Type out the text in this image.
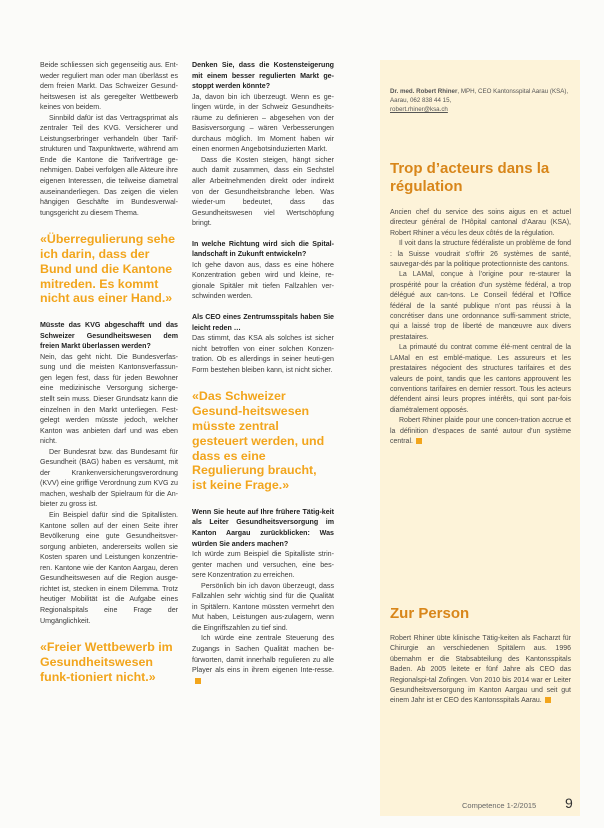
Beide schliessen sich gegenseitig aus. Ent-weder reguliert man oder man überlässt es dem freien Markt. Das Schweizer Gesund-heitswesen ist als geregelter Wettbewerb keines von beidem.

Sinnbild dafür ist das Vertragsprimat als zentraler Teil des KVG. Versicherer und Leistungserbringer verhandeln über Tarif-strukturen und Taxpunktwerte, während am Ende die Kantone die Tarifverträge ge-nehmigen. Dabei verfolgen alle Akteure ihre eigenen Interessen, die teilweise diametral auseinanderliegen. Das zeigen die vielen hängigen Geschäfte im Bundesverwal-tungsgericht zu diesem Thema.

«Überregulierung sehe ich darin, dass der Bund und die Kantone mitreden. Es kommt nicht aus einer Hand.»

Müsste das KVG abgeschafft und das Schweizer Gesundheitswesen dem freien Markt überlassen werden?

Nein, das geht nicht. Die Bundesverfas-sung und die meisten Kantonsverfassun-gen legen fest, dass für jeden Bewohner eine medizinische Versorgung sicherge-stellt sein muss. Dieser Grundsatz kann die einzelnen in den Markt unterliegen. Fest-gelegt werden müsste jedoch, welcher Kanton was anbieten darf und was eben nicht.

Der Bundesrat bzw. das Bundesamt für Gesundheit (BAG) haben es versäumt, mit der Krankenversicherungsverordnung (KVV) eine griffige Verordnung zum KVG zu machen, weshalb der Spielraum für die An-bieter zu gross ist.

Ein Beispiel dafür sind die Spitallisten. Kantone sollen auf der einen Seite ihrer Bevölkerung eine gute Gesundheitsver-sorgung anbieten, andererseits wollen sie Kosten sparen und Leistungen konzentrie-ren. Kantone wie der Kanton Aargau, deren Gesundheitswesen auf die Region ausge-richtet ist, stecken in einem Dilemma. Trotz heutiger Mobilität ist die Aufgabe eines Regionalspitals eine Frage der Umgänglichkeit.

«Freier Wettbewerb im Gesundheitswesen funk-tioniert nicht.»

Denken Sie, dass die Kostensteigerung mit einem besser regulierten Markt ge-stoppt werden könnte?

Ja, davon bin ich überzeugt. Wenn es ge-lingen würde, in der Schweiz Gesundheits-räume zu definieren – abgesehen von der Basisversorgung – wären Verbesserungen durchaus möglich. Im Moment haben wir einen enormen Angebotsinduzierten Markt.

Dass die Kosten steigen, hängt sicher auch damit zusammen, dass ein Sechstel aller Arbeitnehmenden direkt oder indirekt von der Gesundheitsbranche leben. Was wieder-um bedeutet, dass das Gesundheitswesen viel Wertschöpfung bringt.

In welche Richtung wird sich die Spital-landschaft in Zukunft entwickeln?

Ich gehe davon aus, dass es eine höhere Konzentration geben wird und kleine, re-gionale Spitäler mit tiefen Fallzahlen ver-schwinden werden.

Als CEO eines Zentrumsspitals haben Sie leicht reden …

Das stimmt, das KSA als solches ist sicher nicht betroffen von einer solchen Konzen-tration. Ob es allerdings in seiner heuti-gen Form bestehen bleiben kann, ist nicht sicher.

«Das Schweizer Gesund-heitswesen müsste zentral gesteuert werden, und dass es eine Regulierung braucht, ist keine Frage.»

Wenn Sie heute auf Ihre frühere Tätig-keit als Leiter Gesundheitsversorgung im Kanton Aargau zurückblicken: Was würden Sie anders machen?

Ich würde zum Beispiel die Spitalliste strin-genter machen und versuchen, eine bes-sere Konzentration zu erreichen.

Persönlich bin ich davon überzeugt, dass Fallzahlen sehr wichtig sind für die Qualität in Spitälern. Kantone müssten vermehrt den Mut haben, Leistungen aus-zulagern, wenn die Eingriffszahlen zu tief sind.

Ich würde eine zentrale Steuerung des Zugangs in Sachen Qualität machen be-fürworten, damit innerhalb regulieren zu alle Player als eins in ihrem eigenen Inte-resse.

Dr. med. Robert Rhiner, MPH, CEO Kantonsspital Aarau (KSA), Aarau, 062 838 44 15,
robert.rhiner@ksa.ch
Trop d’acteurs dans la régulation

Ancien chef du service des soins aigus en et actuel directeur général de l’Hôpital cantonal d’Aarau (KSA), Robert Rhiner a vécu les deux côtés de la régulation.

Il voit dans la structure fédéraliste un problème de fond : la Suisse voudrait s’offrir 26 systèmes de santé, sauvegar-dés par la politique protectionniste des cantons.

La LAMal, conçue à l’origine pour re-staurer la prospérité pour la création d’un système fédéral, a trop délégué aux can-tons. Le Conseil fédéral et l’Office fédéral de la santé publique n’ont pas réussi à la concrétiser dans une ordonnance suffi-samment stricte, qui a laissé trop de liberté de manœuvre aux divers prestataires.

La primauté du contrat comme élé-ment central de la LAMal en est emblé-matique. Les assureurs et les prestataires négocient des structures tarifaires et des valeurs de point, tandis que les cantons approuvent les conventions tarifaires en dernier ressort. Tous les acteurs défendent ainsi leurs propres intérêts, qui sont par-fois diamétralement opposés.

Robert Rhiner plaide pour une concen-tration accrue et la définition d’espaces de santé autour d’un système central.

Zur Person

Robert Rhiner übte klinische Tätig-keiten als Facharzt für Chirurgie an verschiedenen Spitälern aus. 1996 übernahm er die Stabsabteilung des Kantonsspitals Baden. Ab 2005 leitete er fünf Jahre als CEO das Regionalspi-tal Zofingen. Von 2010 bis 2014 war er Leiter Gesundheitsversorgung im Kanton Aargau und seit gut einem Jahr ist er CEO des Kantonsspitals Aarau.

Competence 1-2/2015 9
